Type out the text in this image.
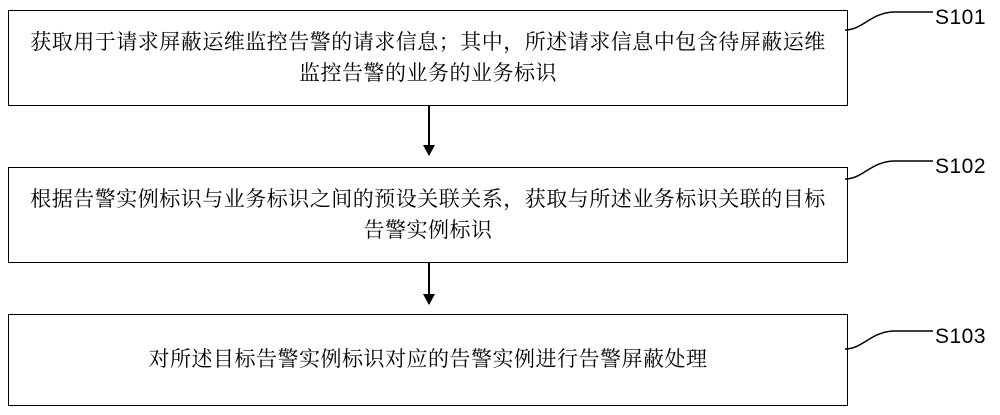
获取用于请求屏蔽运维监控告警的请求信息；其中，所述请求信息中包含待屏蔽运维监控告警的业务的业务标识
根据告警实例标识与业务标识之间的预设关联关系，获取与所述业务标识关联的目标告警实例标识
对所述目标告警实例标识对应的告警实例进行告警屏蔽处理
S101
S102
S103
